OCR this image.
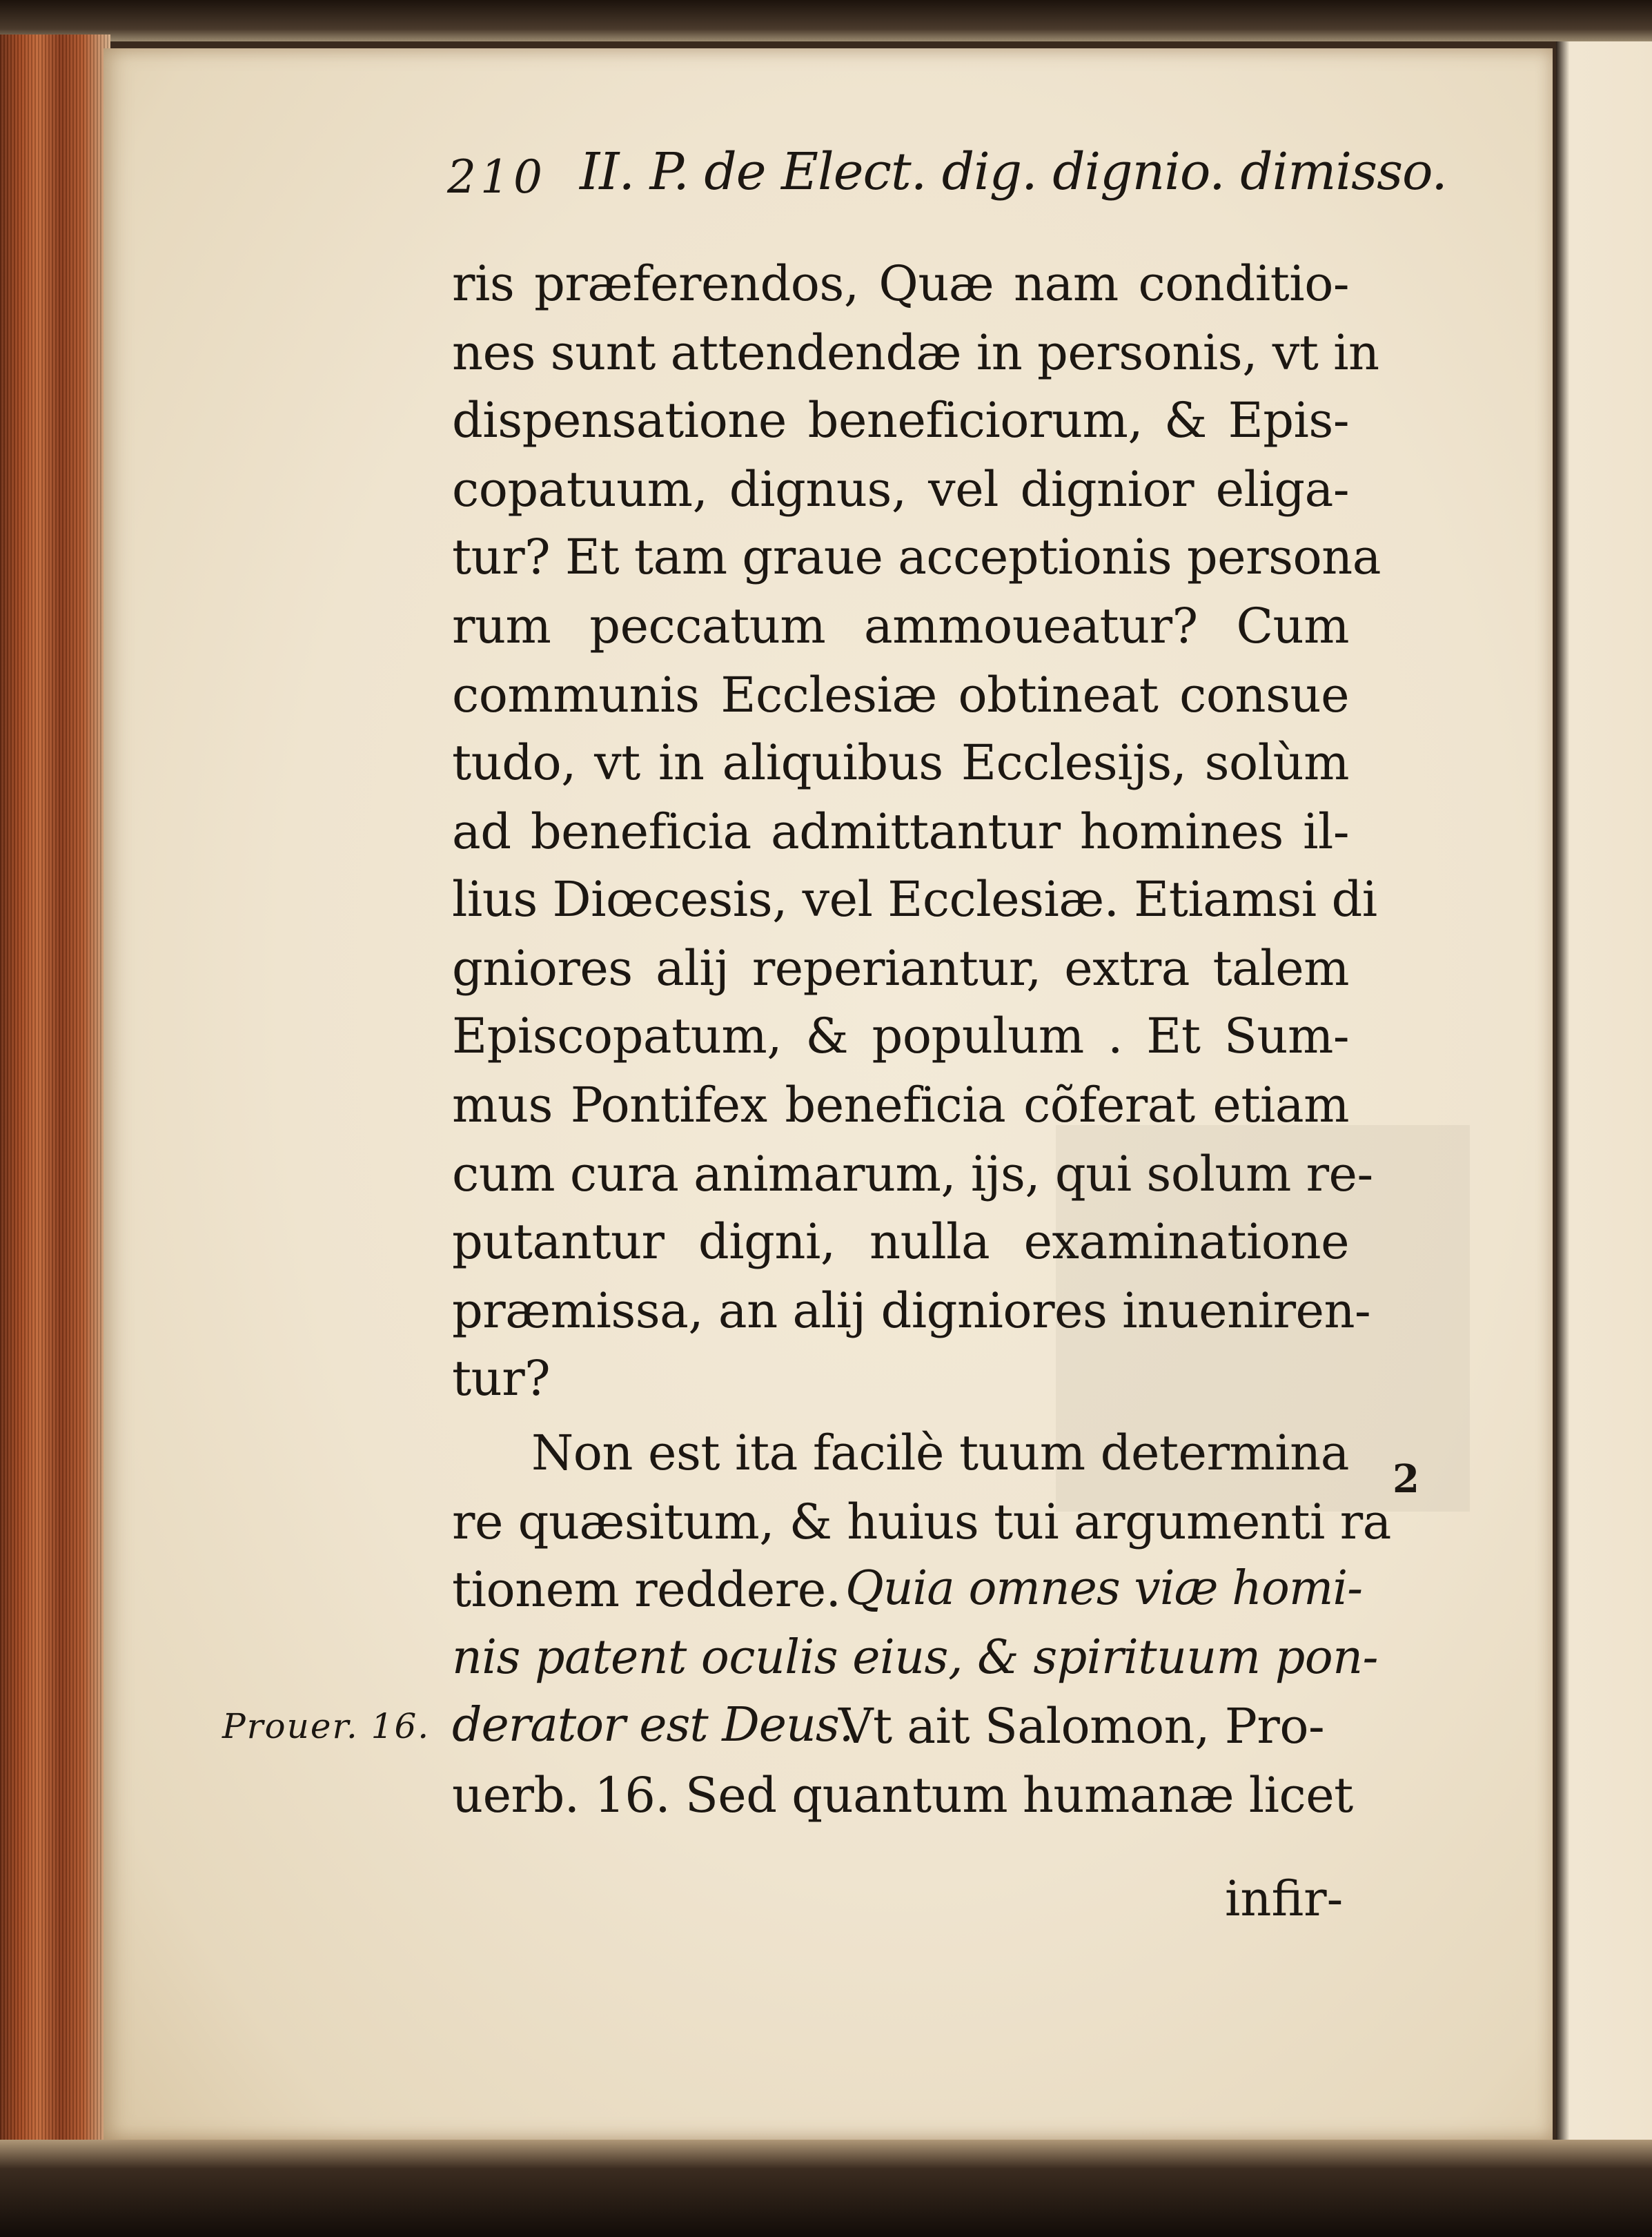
210 II. P. de Elect. dig. dignio. dimisso.
ris præferendos, Quæ nam conditio-
nes sunt attendendæ in personis, vt in
dispensatione beneficiorum, & Epis-
copatuum, dignus, vel dignior eliga-
tur? Et tam graue acceptionis persona
rum peccatum ammoueatur? Cum
communis Ecclesiæ obtineat consue
tudo, vt in aliquibus Ecclesijs, solùm
ad beneficia admittantur homines il-
lius Diœcesis, vel Ecclesiæ. Etiamsi di
gniores alij reperiantur, extra talem
Episcopatum, & populum . Et Sum-
mus Pontifex beneficia cõferat etiam
cum cura animarum, ijs, qui solum re-
putantur digni, nulla examinatione
præmissa, an alij digniores inueniren-
tur?
Non est ita facilè tuum determina
re quæsitum, & huius tui argumenti ra
tionem reddere. Quia omnes viæ homi-
nis patent oculis eius, & spirituum pon-
derator est Deus.
Vt ait Salomon, Pro-
uerb. 16. Sed quantum humanæ licet
Prouer. 16.
2
infir-
